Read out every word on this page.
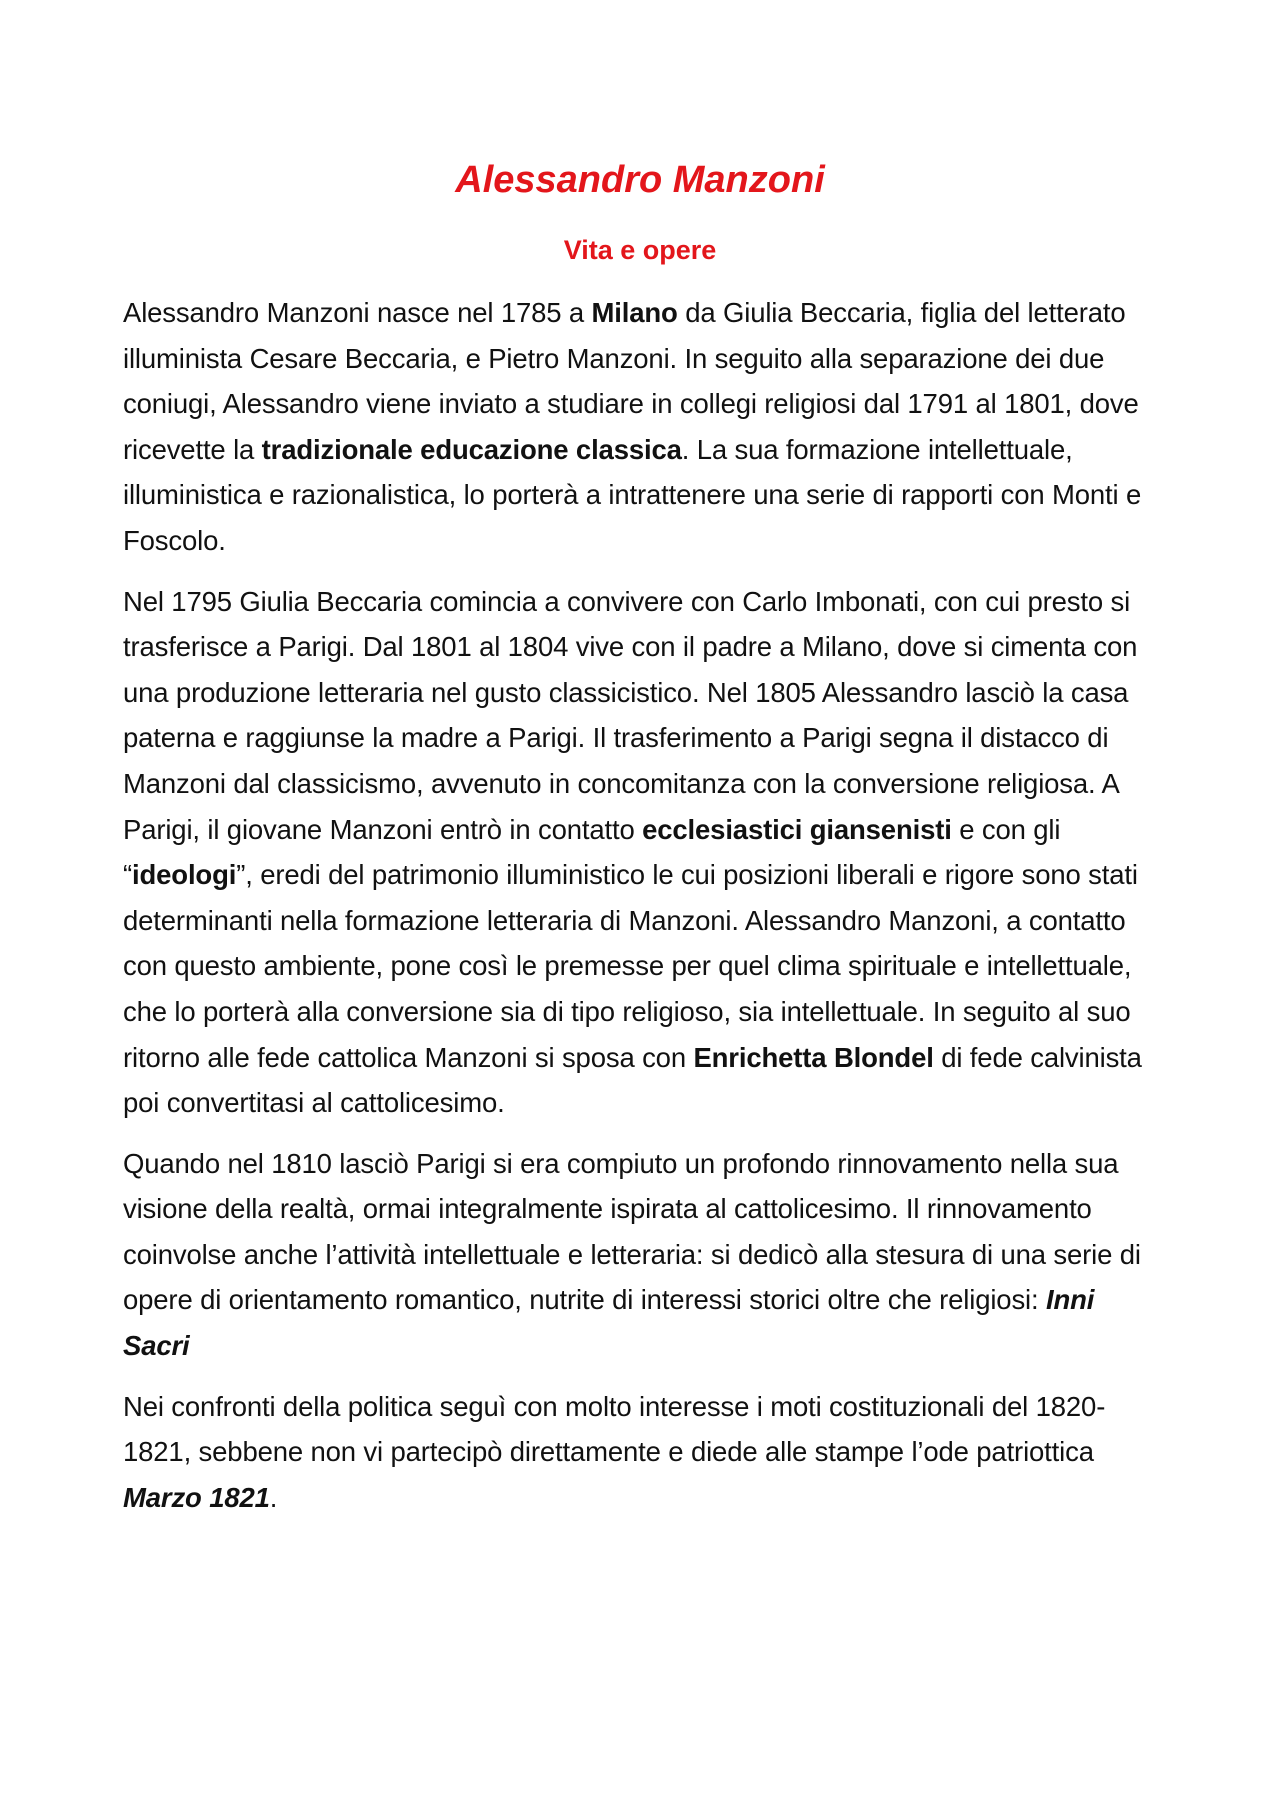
Alessandro Manzoni
Vita e opere

Alessandro Manzoni nasce nel 1785 a Milano da Giulia Beccaria, figlia del letterato illuminista Cesare Beccaria, e Pietro Manzoni. In seguito alla separazione dei due coniugi, Alessandro viene inviato a studiare in collegi religiosi dal 1791 al 1801, dove ricevette la tradizionale educazione classica. La sua formazione intellettuale, illuministica e razionalistica, lo porterà a intrattenere una serie di rapporti con Monti e Foscolo.

Nel 1795 Giulia Beccaria comincia a convivere con Carlo Imbonati, con cui presto si trasferisce a Parigi. Dal 1801 al 1804 vive con il padre a Milano, dove si cimenta con una produzione letteraria nel gusto classicistico. Nel 1805 Alessandro lasciò la casa paterna e raggiunse la madre a Parigi. Il trasferimento a Parigi segna il distacco di Manzoni dal classicismo, avvenuto in concomitanza con la conversione religiosa. A Parigi, il giovane Manzoni entrò in contatto ecclesiastici giansenisti e con gli “ideologi”, eredi del patrimonio illuministico le cui posizioni liberali e rigore sono stati determinanti nella formazione letteraria di Manzoni. Alessandro Manzoni, a contatto con questo ambiente, pone così le premesse per quel clima spirituale e intellettuale, che lo porterà alla conversione sia di tipo religioso, sia intellettuale. In seguito al suo ritorno alle fede cattolica Manzoni si sposa con Enrichetta Blondel di fede calvinista poi convertitasi al cattolicesimo.

Quando nel 1810 lasciò Parigi si era compiuto un profondo rinnovamento nella sua visione della realtà, ormai integralmente ispirata al cattolicesimo. Il rinnovamento coinvolse anche l’attività intellettuale e letteraria: si dedicò alla stesura di una serie di opere di orientamento romantico, nutrite di interessi storici oltre che religiosi: Inni Sacri

Nei confronti della politica seguì con molto interesse i moti costituzionali del 1820-1821, sebbene non vi partecipò direttamente e diede alle stampe l’ode patriottica Marzo 1821.
